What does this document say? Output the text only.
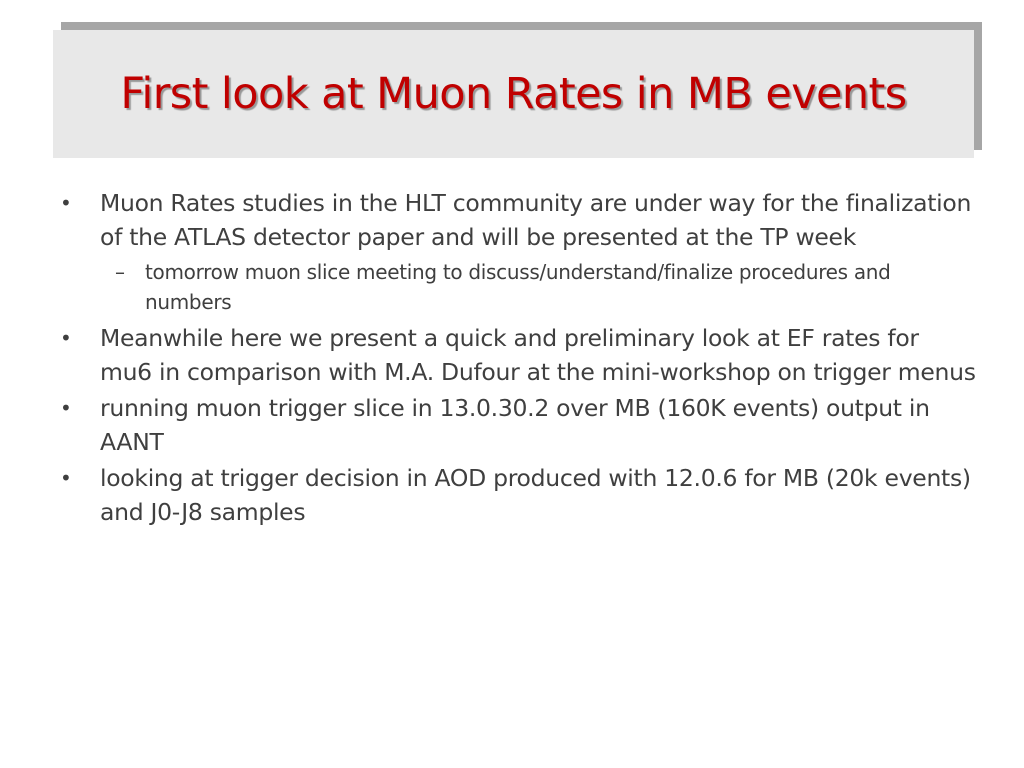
First look at Muon Rates in MB events
• Muon Rates studies in the HLT community are under way for the finalization of the ATLAS detector paper and will be presented at the TP week
– tomorrow muon slice meeting to discuss/understand/finalize procedures and numbers
• Meanwhile here we present a quick and preliminary look at EF rates for mu6 in comparison with M.A. Dufour at the mini-workshop on trigger menus
• running muon trigger slice in 13.0.30.2 over MB (160K events) output in AANT
• looking at trigger decision in AOD produced with 12.0.6 for MB (20k events) and J0-J8 samples
